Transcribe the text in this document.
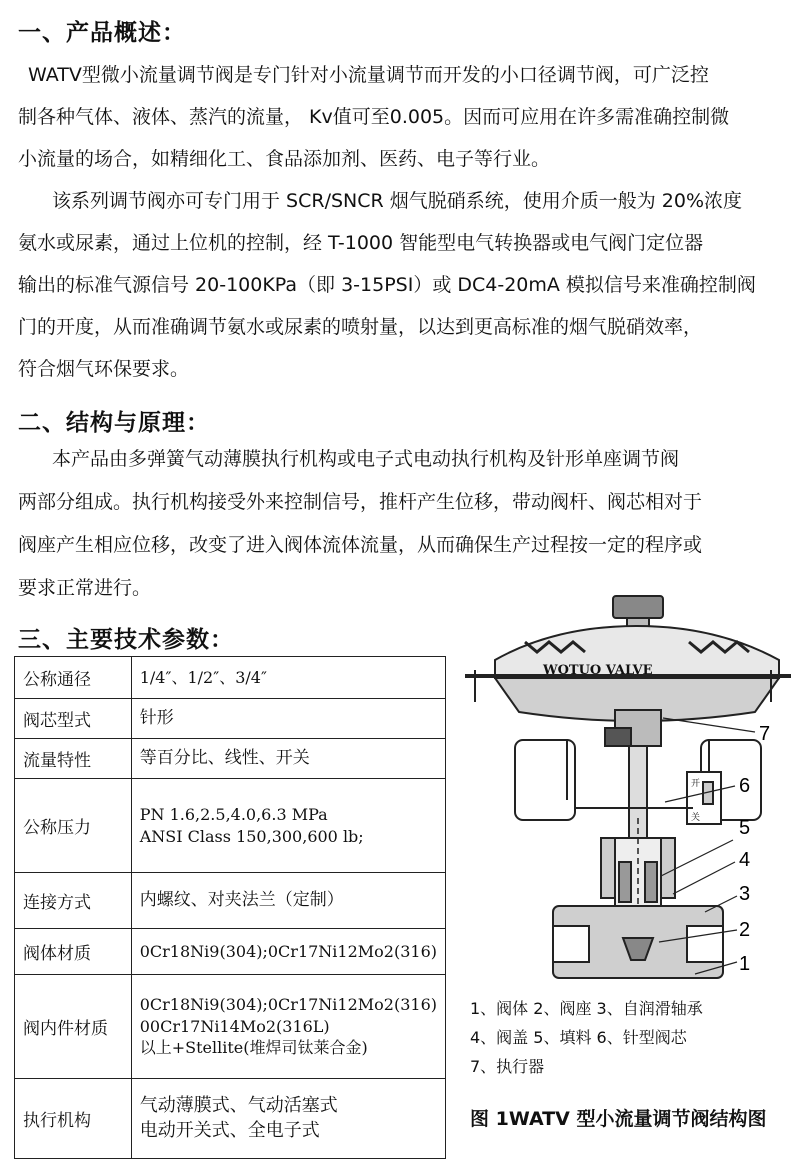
一、产品概述：
WATV型微小流量调节阀是专门针对小流量调节而开发的小口径调节阀，可广泛控
制各种气体、液体、蒸汽的流量， Kv值可至0.005。因而可应用在许多需准确控制微
小流量的场合，如精细化工、食品添加剂、医药、电子等行业。
该系列调节阀亦可专门用于 SCR/SNCR 烟气脱硝系统，使用介质一般为 20%浓度
氨水或尿素，通过上位机的控制，经 T-1000 智能型电气转换器或电气阀门定位器
输出的标准气源信号 20-100KPa（即 3-15PSI）或 DC4-20mA 模拟信号来准确控制阀
门的开度，从而准确调节氨水或尿素的喷射量，以达到更高标准的烟气脱硝效率，
符合烟气环保要求。
二、结构与原理：
本产品由多弹簧气动薄膜执行机构或电子式电动执行机构及针形单座调节阀
两部分组成。执行机构接受外来控制信号，推杆产生位移，带动阀杆、阀芯相对于
阀座产生相应位移，改变了进入阀体流体流量，从而确保生产过程按一定的程序或
要求正常进行。
三、主要技术参数：
公称通径	1/4″、1/2″、3/4″

阀芯型式	针形

流量特性	等百分比、线性、开关

公称压力	PN 1.6,2.5,4.0,6.3 MPa
ANSI Class 150,300,600 lb;

连接方式	内螺纹、对夹法兰（定制）

阀体材质	0Cr18Ni9(304);0Cr17Ni12Mo2(316)

阀内件材质	0Cr18Ni9(304);0Cr17Ni12Mo2(316)
00Cr17Ni14Mo2(316L)
以上+Stellite(堆焊司钛莱合金)

执行机构	气动薄膜式、气动活塞式
电动开关式、全电子式
WOTUO VALVE
开
关
7
6
5
4
3
2
1
1、阀体 2、阀座 3、自润滑轴承
4、阀盖 5、填料 6、针型阀芯
7、执行器
图 1WATV 型小流量调节阀结构图
